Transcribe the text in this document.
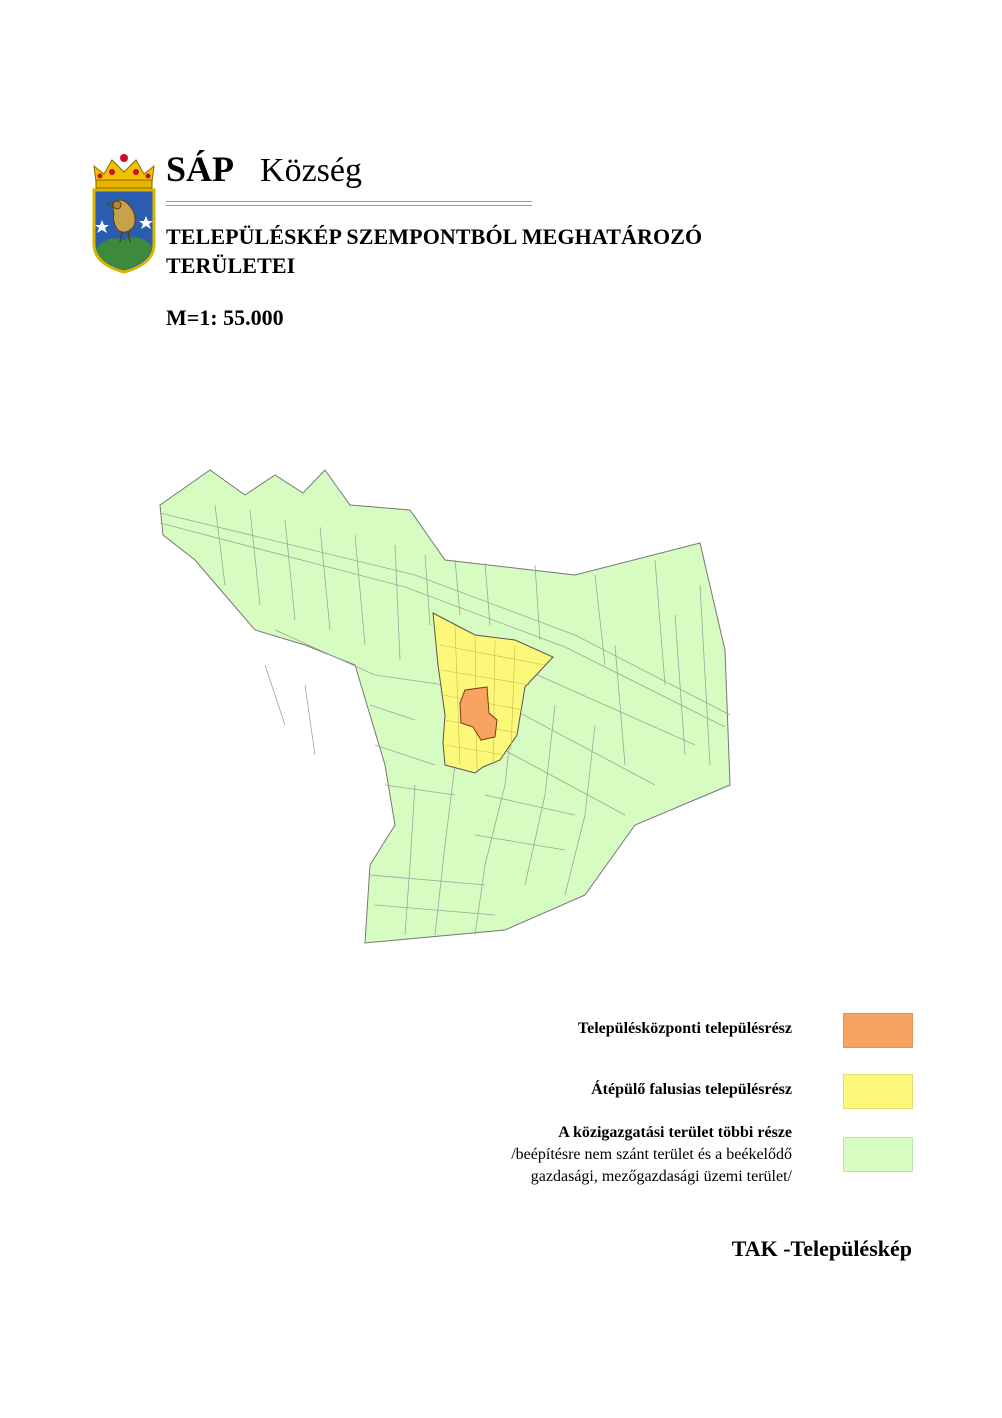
SÁP Község
TELEPÜLÉSKÉP SZEMPONTBÓL MEGHATÁROZÓ
TERÜLETEI
M=1: 55.000
Településközponti településrész
Átépülő falusias településrész
A közigazgatási terület többi része
/beépítésre nem szánt terület és a beékelődő
gazdasági, mezőgazdasági üzemi terület/
TAK -Településkép
